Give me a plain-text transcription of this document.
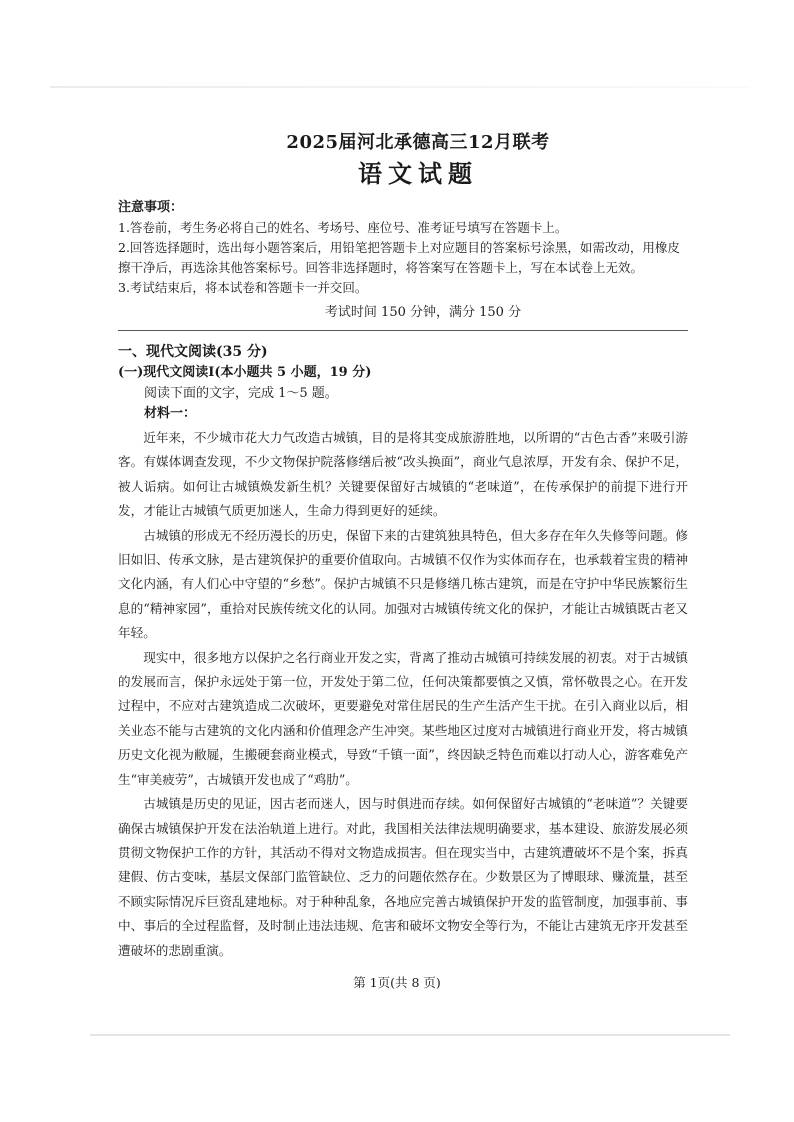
2025届河北承德高三12月联考
语文试题

注意事项：

1.答卷前，考生务必将自己的姓名、考场号、座位号、准考证号填写在答题卡上。

2.回答选择题时，选出每小题答案后，用铅笔把答题卡上对应题目的答案标号涂黑，如需改动，用橡皮

擦干净后，再选涂其他答案标号。回答非选择题时，将答案写在答题卡上，写在本试卷上无效。

3.考试结束后，将本试卷和答题卡一并交回。

考试时间 150 分钟，满分 150 分

一、现代文阅读(35 分)

(一)现代文阅读Ⅰ(本小题共 5 小题，19 分)

阅读下面的文字，完成 1～5 题。

材料一：

近年来，不少城市花大力气改造古城镇，目的是将其变成旅游胜地，以所谓的“古色古香”来吸引游客。有媒体调查发现，不少文物保护院落修缮后被“改头换面”，商业气息浓厚，开发有余、保护不足，被人诟病。如何让古城镇焕发新生机？关键要保留好古城镇的“老味道”，在传承保护的前提下进行开发，才能让古城镇气质更加迷人，生命力得到更好的延续。

古城镇的形成无不经历漫长的历史，保留下来的古建筑独具特色，但大多存在年久失修等问题。修旧如旧、传承文脉，是古建筑保护的重要价值取向。古城镇不仅作为实体而存在，也承载着宝贵的精神文化内涵，有人们心中守望的“乡愁”。保护古城镇不只是修缮几栋古建筑，而是在守护中华民族繁衍生息的“精神家园”，重拾对民族传统文化的认同。加强对古城镇传统文化的保护，才能让古城镇既古老又年轻。

现实中，很多地方以保护之名行商业开发之实，背离了推动古城镇可持续发展的初衷。对于古城镇的发展而言，保护永远处于第一位，开发处于第二位，任何决策都要慎之又慎，常怀敬畏之心。在开发过程中，不应对古建筑造成二次破坏，更要避免对常住居民的生产生活产生干扰。在引入商业以后，相关业态不能与古建筑的文化内涵和价值理念产生冲突。某些地区过度对古城镇进行商业开发，将古城镇历史文化视为敝屣，生搬硬套商业模式，导致“千镇一面”，终因缺乏特色而难以打动人心，游客难免产生“审美疲劳”，古城镇开发也成了“鸡肋”。

古城镇是历史的见证，因古老而迷人，因与时俱进而存续。如何保留好古城镇的“老味道”？关键要确保古城镇保护开发在法治轨道上进行。对此，我国相关法律法规明确要求，基本建设、旅游发展必须贯彻文物保护工作的方针，其活动不得对文物造成损害。但在现实当中，古建筑遭破坏不是个案，拆真建假、仿古变味，基层文保部门监管缺位、乏力的问题依然存在。少数景区为了博眼球、赚流量，甚至不顾实际情况斥巨资乱建地标。对于种种乱象，各地应完善古城镇保护开发的监管制度，加强事前、事中、事后的全过程监督，及时制止违法违规、危害和破坏文物安全等行为，不能让古建筑无序开发甚至遭破坏的悲剧重演。

第 1页(共 8 页)
